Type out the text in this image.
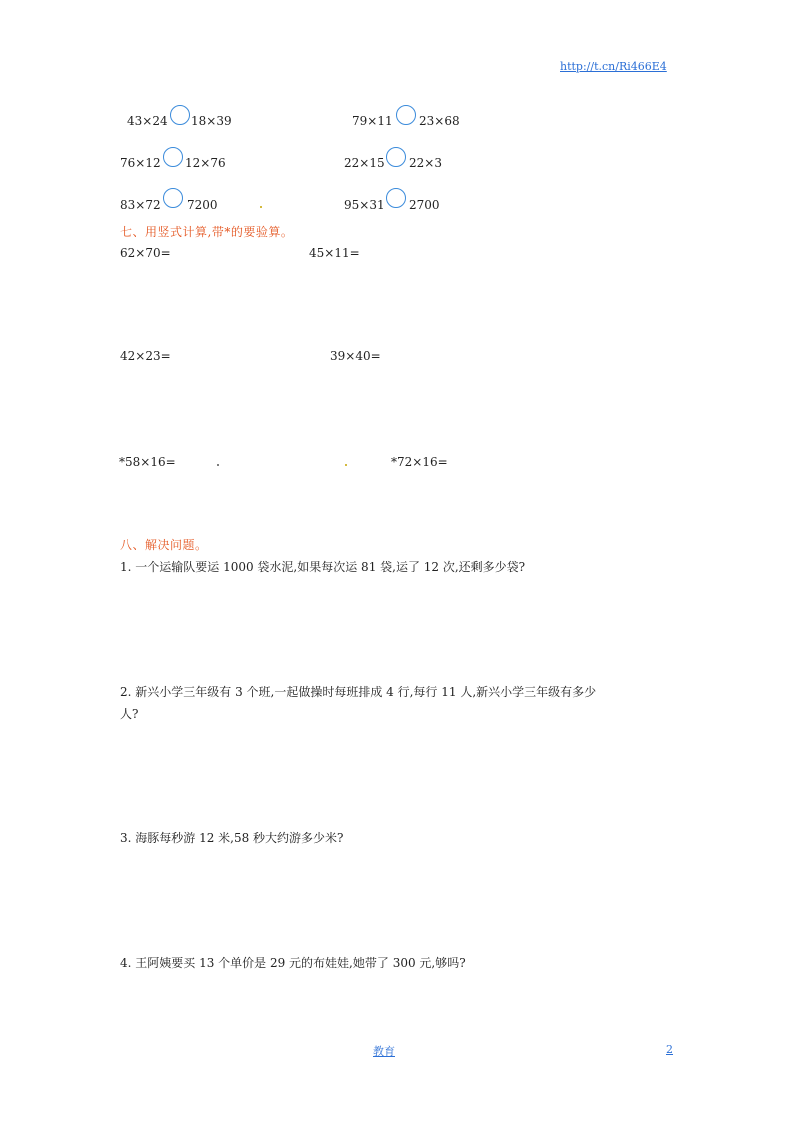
http://t.cn/Ri466E4
43×24 18×39	79×11 23×68
76×12 12×76	22×15 22×3
83×72 7200	95×31 2700
七、用竖式计算,带*的要验算。
62×70=	45×11=
42×23=	39×40=
*58×16=	*72×16=
八、解决问题。
1. 一个运输队要运 1000 袋水泥,如果每次运 81 袋,运了 12 次,还剩多少袋?
2. 新兴小学三年级有 3 个班,一起做操时每班排成 4 行,每行 11 人,新兴小学三年级有多少
人?
3. 海豚每秒游 12 米,58 秒大约游多少米?
4. 王阿姨要买 13 个单价是 29 元的布娃娃,她带了 300 元,够吗?
教育	2
